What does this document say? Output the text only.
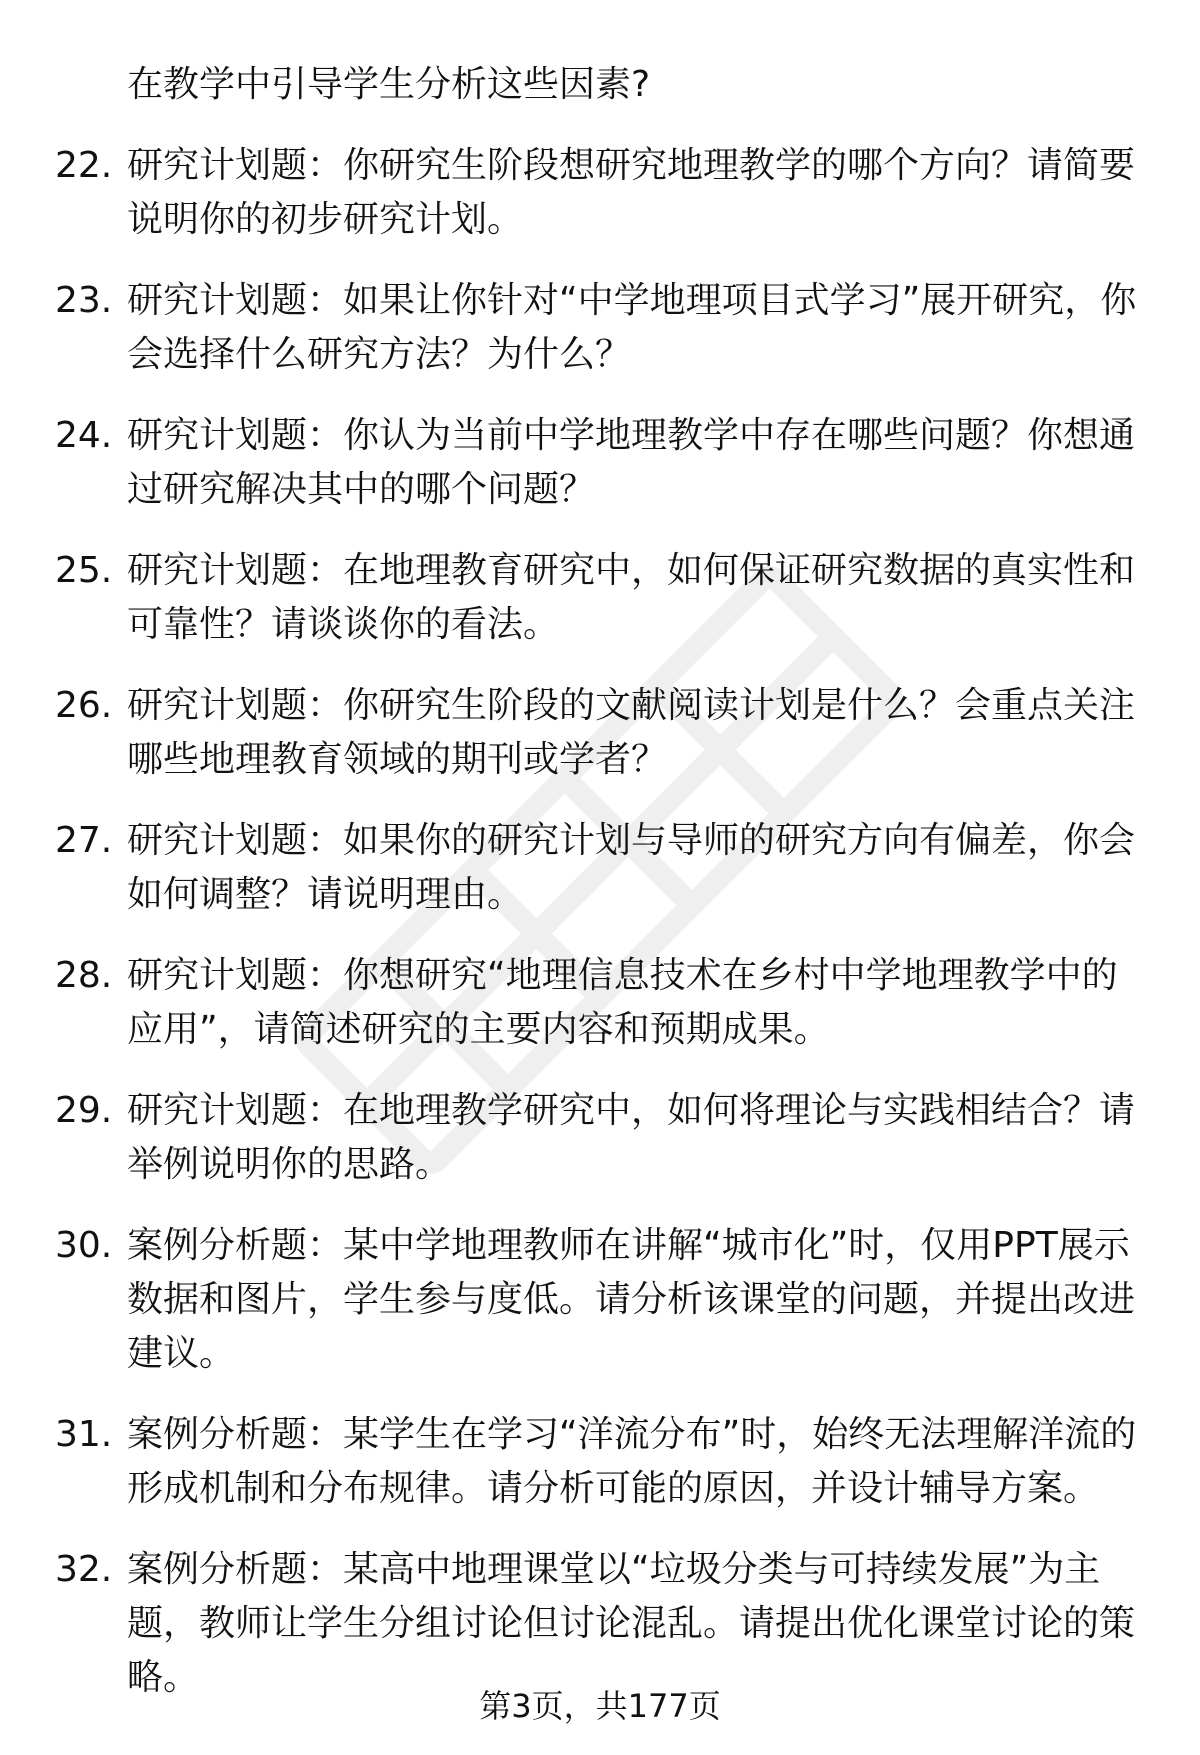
在教学中引导学生分析这些因素?
22. 研究计划题：你研究生阶段想研究地理教学的哪个方向？请简要说明你的初步研究计划。
23. 研究计划题：如果让你针对“中学地理项目式学习”展开研究，你会选择什么研究方法？为什么？
24. 研究计划题：你认为当前中学地理教学中存在哪些问题？你想通过研究解决其中的哪个问题？
25. 研究计划题：在地理教育研究中，如何保证研究数据的真实性和可靠性？请谈谈你的看法。
26. 研究计划题：你研究生阶段的文献阅读计划是什么？会重点关注哪些地理教育领域的期刊或学者？
27. 研究计划题：如果你的研究计划与导师的研究方向有偏差，你会如何调整？请说明理由。
28. 研究计划题：你想研究“地理信息技术在乡村中学地理教学中的应用”，请简述研究的主要内容和预期成果。
29. 研究计划题：在地理教学研究中，如何将理论与实践相结合？请举例说明你的思路。
30. 案例分析题：某中学地理教师在讲解“城市化”时，仅用PPT展示数据和图片，学生参与度低。请分析该课堂的问题，并提出改进建议。
31. 案例分析题：某学生在学习“洋流分布”时，始终无法理解洋流的形成机制和分布规律。请分析可能的原因，并设计辅导方案。
32. 案例分析题：某高中地理课堂以“垃圾分类与可持续发展”为主题，教师让学生分组讨论但讨论混乱。请提出优化课堂讨论的策略。
第3页，共177页
